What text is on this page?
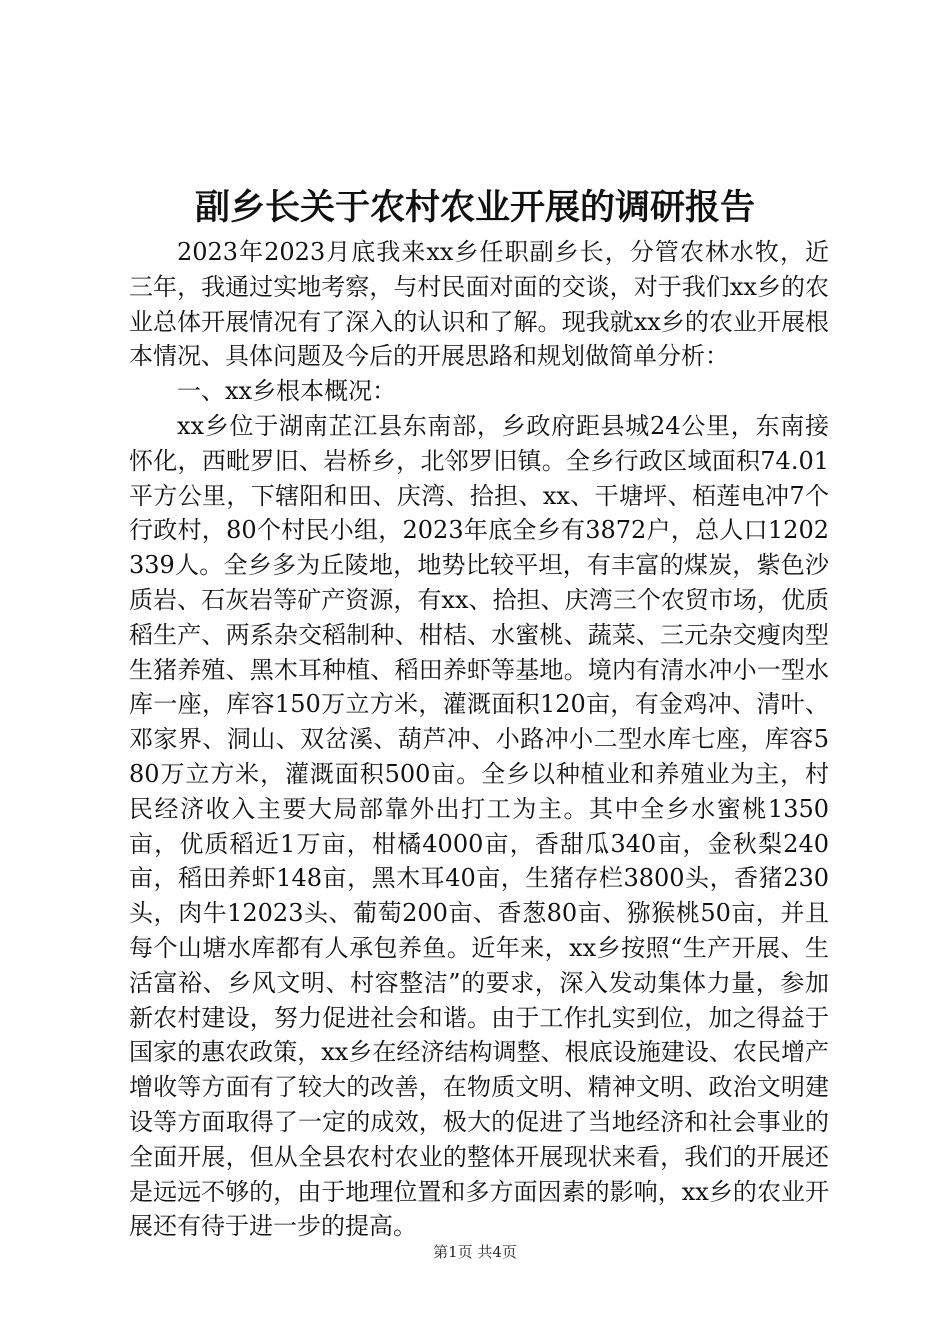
副乡长关于农村农业开展的调研报告

2023年2023月底我来xx乡任职副乡长，分管农林水牧，近三年，我通过实地考察，与村民面对面的交谈，对于我们xx乡的农业总体开展情况有了深入的认识和了解。现我就xx乡的农业开展根本情况、具体问题及今后的开展思路和规划做简单分析：

一、xx乡根本概况：

xx乡位于湖南芷江县东南部，乡政府距县城24公里，东南接怀化，西毗罗旧、岩桥乡，北邻罗旧镇。全乡行政区域面积74.01平方公里，下辖阳和田、庆湾、拾担、xx、干塘坪、栢莲电冲7个行政村，80个村民小组，2023年底全乡有3872户，总人口1202339人。全乡多为丘陵地，地势比较平坦，有丰富的煤炭，紫色沙质岩、石灰岩等矿产资源，有xx、拾担、庆湾三个农贸市场，优质稻生产、两系杂交稻制种、柑桔、水蜜桃、蔬菜、三元杂交瘦肉型生猪养殖、黑木耳种植、稻田养虾等基地。境内有清水冲小一型水库一座，库容150万立方米，灌溉面积120亩，有金鸡冲、清叶、邓家界、洞山、双岔溪、葫芦冲、小路冲小二型水库七座，库容580万立方米，灌溉面积500亩。全乡以种植业和养殖业为主，村民经济收入主要大局部靠外出打工为主。其中全乡水蜜桃1350亩，优质稻近1万亩，柑橘4000亩，香甜瓜340亩，金秋梨240亩，稻田养虾148亩，黑木耳40亩，生猪存栏3800头，香猪230头，肉牛12023头、葡萄200亩、香葱80亩、猕猴桃50亩，并且每个山塘水库都有人承包养鱼。近年来，xx乡按照“生产开展、生活富裕、乡风文明、村容整洁”的要求，深入发动集体力量，参加新农村建设，努力促进社会和谐。由于工作扎实到位，加之得益于国家的惠农政策，xx乡在经济结构调整、根底设施建设、农民增产增收等方面有了较大的改善，在物质文明、精神文明、政治文明建设等方面取得了一定的成效，极大的促进了当地经济和社会事业的全面开展，但从全县农村农业的整体开展现状来看，我们的开展还是远远不够的，由于地理位置和多方面因素的影响，xx乡的农业开展还有待于进一步的提高。

第1页 共4页
